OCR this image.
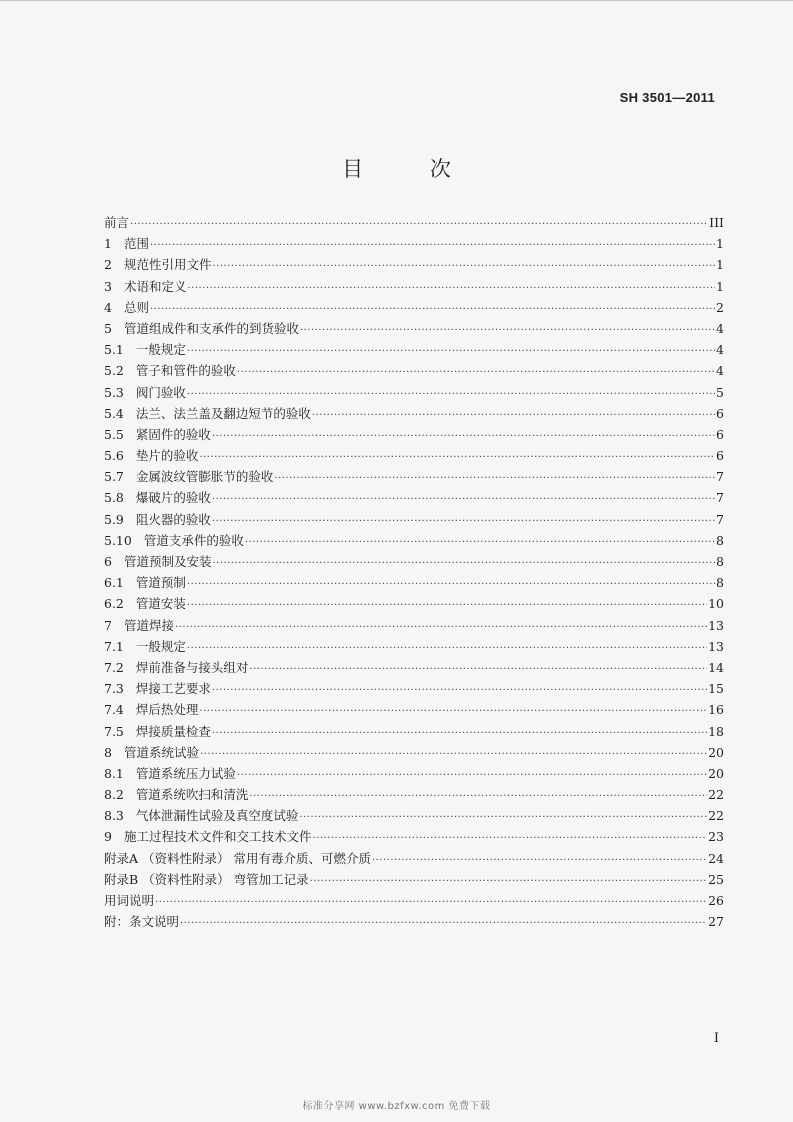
SH 3501—2011
目 次
前言 ·····	III
1 范围 ·····	1
2 规范性引用文件 ·····	1
3 术语和定义 ·····	1
4 总则 ·····	2
5 管道组成件和支承件的到货验收 ·····	4
5.1 一般规定 ·····	4
5.2 管子和管件的验收 ·····	4
5.3 阀门验收 ·····	5
5.4 法兰、法兰盖及翻边短节的验收 ·····	6
5.5 紧固件的验收 ·····	6
5.6 垫片的验收 ·····	6
5.7 金属波纹管膨胀节的验收 ·····	7
5.8 爆破片的验收 ·····	7
5.9 阻火器的验收 ·····	7
5.10 管道支承件的验收 ·····	8
6 管道预制及安装 ·····	8
6.1 管道预制 ·····	8
6.2 管道安装 ·····	10
7 管道焊接 ·····	13
7.1 一般规定 ·····	13
7.2 焊前准备与接头组对 ·····	14
7.3 焊接工艺要求 ·····	15
7.4 焊后热处理 ·····	16
7.5 焊接质量检查 ·····	18
8 管道系统试验 ·····	20
8.1 管道系统压力试验 ·····	20
8.2 管道系统吹扫和清洗 ·····	22
8.3 气体泄漏性试验及真空度试验 ·····	22
9 施工过程技术文件和交工技术文件 ·····	23
附录A （资料性附录） 常用有毒介质、可燃介质 ·····	24
附录B （资料性附录） 弯管加工记录 ·····	25
用词说明 ·····	26
附：条文说明 ·····	27
I
标准分享网 www.bzfxw.com 免费下载
